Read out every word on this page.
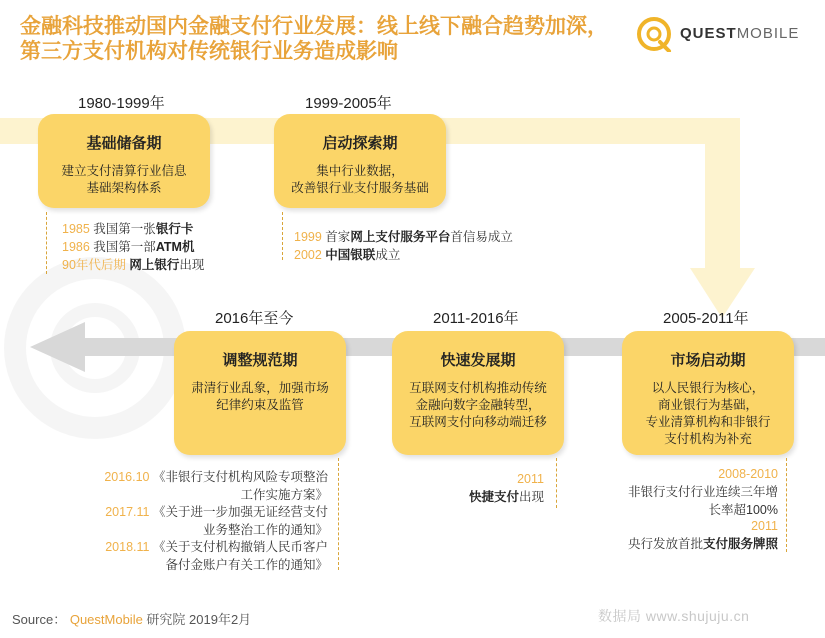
金融科技推动国内金融支付行业发展：线上线下融合趋势加深，
第三方支付机构对传统银行业务造成影响
QUESTMOBILE
1980-1999年
基础储备期
建立支付清算行业信息
基础架构体系
1985 我国第一张银行卡
1986 我国第一部ATM机
90年代后期 网上银行出现
1999-2005年
启动探索期
集中行业数据，
改善银行业支付服务基础
1999 首家网上支付服务平台首信易成立
2002 中国银联成立
2005-2011年
市场启动期
以人民银行为核心，
商业银行为基础，
专业清算机构和非银行
支付机构为补充
2008-2010
非银行支付行业连续三年增
长率超100%
2011
央行发放首批支付服务牌照
2011-2016年
快速发展期
互联网支付机构推动传统
金融向数字金融转型，
互联网支付向移动端迁移
2011
快捷支付出现
2016年至今
调整规范期
肃清行业乱象，加强市场
纪律约束及监管
2016.10 《非银行支付机构风险专项整治
工作实施方案》
2017.11 《关于进一步加强无证经营支付
业务整治工作的通知》
2018.11 《关于支付机构撤销人民币客户
备付金账户有关工作的通知》
Source： QuestMobile 研究院 2019年2月	数据局 www.shujuju.cn
